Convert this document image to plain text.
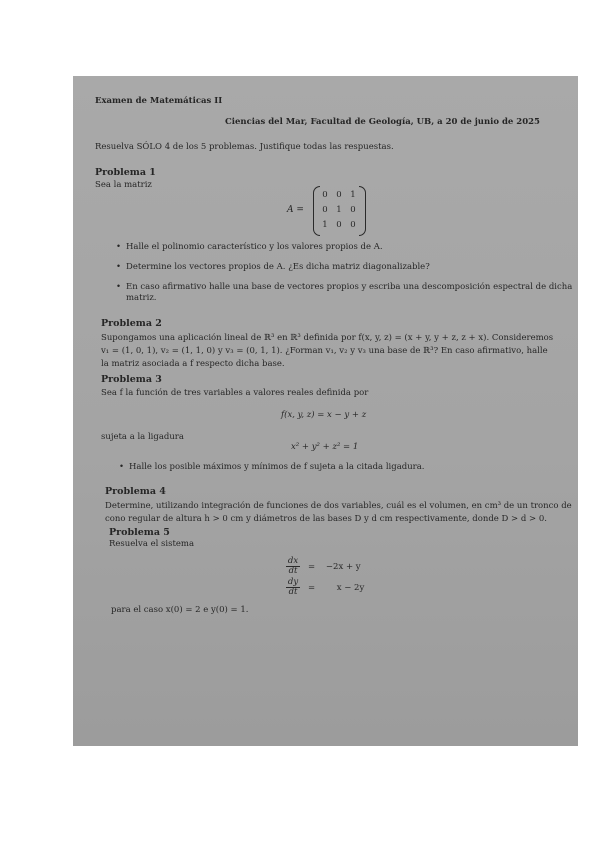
Examen de Matemáticas II
Ciencias del Mar, Facultad de Geología, UB, a 20 de junio de 2025
Resuelva SÓLO 4 de los 5 problemas. Justifique todas las respuestas.
Problema 1
Sea la matriz
A =
0 0 1
0 1 0
1 0 0
• Halle el polinomio característico y los valores propios de A.
• Determine los vectores propios de A. ¿Es dicha matriz diagonalizable?
• En caso afirmativo halle una base de vectores propios y escriba una descomposición espectral de dicha
matriz.
Problema 2
Supongamos una aplicación lineal de ℝ³ en ℝ³ definida por f(x, y, z) = (x + y, y + z, z + x). Consideremos
v₁ = (1, 0, 1), v₂ = (1, 1, 0) y v₃ = (0, 1, 1). ¿Forman v₁, v₂ y v₃ una base de ℝ³? En caso afirmativo, halle
la matriz asociada a f respecto dicha base.
Problema 3
Sea f la función de tres variables a valores reales definida por
f(x, y, z) = x − y + z
sujeta a la ligadura
x² + y² + z² = 1
• Halle los posible máximos y mínimos de f sujeta a la citada ligadura.
Problema 4
Determine, utilizando integración de funciones de dos variables, cuál es el volumen, en cm³ de un tronco de
cono regular de altura h > 0 cm y diámetros de las bases D y d cm respectivamente, donde D > d > 0.
Problema 5
Resuelva el sistema
$\frac{dx}{dt}$ =    −2x + y
$\frac{dy}{dt}$ =        x − 2y
para el caso x(0) = 2 e y(0) = 1.
